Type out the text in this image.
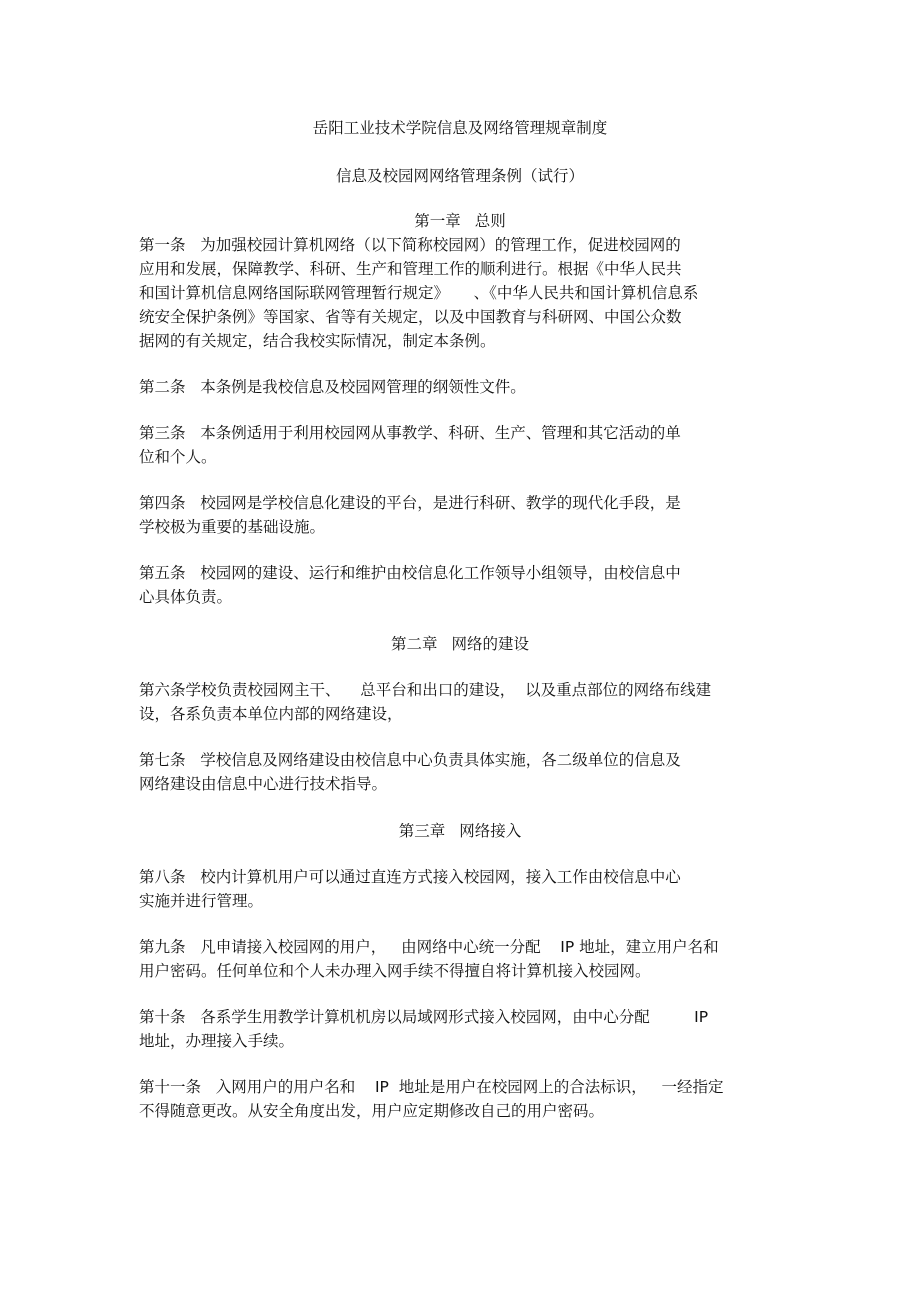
岳阳工业技术学院信息及网络管理规章制度
信息及校园网网络管理条例（试行）
第一章 总则
第一条   为加强校园计算机网络（以下简称校园网）的管理工作，促进校园网的
应用和发展，保障教学、科研、生产和管理工作的顺利进行。根据《中华人民共
和国计算机信息网络国际联网管理暂行规定》     、《中华人民共和国计算机信息系
统安全保护条例》等国家、省等有关规定，以及中国教育与科研网、中国公众数
据网的有关规定，结合我校实际情况，制定本条例。
第二条   本条例是我校信息及校园网管理的纲领性文件。
第三条   本条例适用于利用校园网从事教学、科研、生产、管理和其它活动的单
位和个人。
第四条   校园网是学校信息化建设的平台，是进行科研、教学的现代化手段，是
学校极为重要的基础设施。
第五条   校园网的建设、运行和维护由校信息化工作领导小组领导，由校信息中
心具体负责。
第二章 网络的建设
第六条学校负责校园网主干、    总平台和出口的建设，  以及重点部位的网络布线建
设，各系负责本单位内部的网络建设，
第七条   学校信息及网络建设由校信息中心负责具体实施，各二级单位的信息及
网络建设由信息中心进行技术指导。
第三章 网络接入
第八条   校内计算机用户可以通过直连方式接入校园网，接入工作由校信息中心
实施并进行管理。
第九条   凡申请接入校园网的用户，   由网络中心统一分配    IP 地址，建立用户名和
用户密码。任何单位和个人未办理入网手续不得擅自将计算机接入校园网。
第十条   各系学生用教学计算机机房以局域网形式接入校园网，由中心分配         IP
地址，办理接入手续。
第十一条   入网用户的用户名和    IP  地址是用户在校园网上的合法标识，   一经指定
不得随意更改。从安全角度出发，用户应定期修改自己的用户密码。
